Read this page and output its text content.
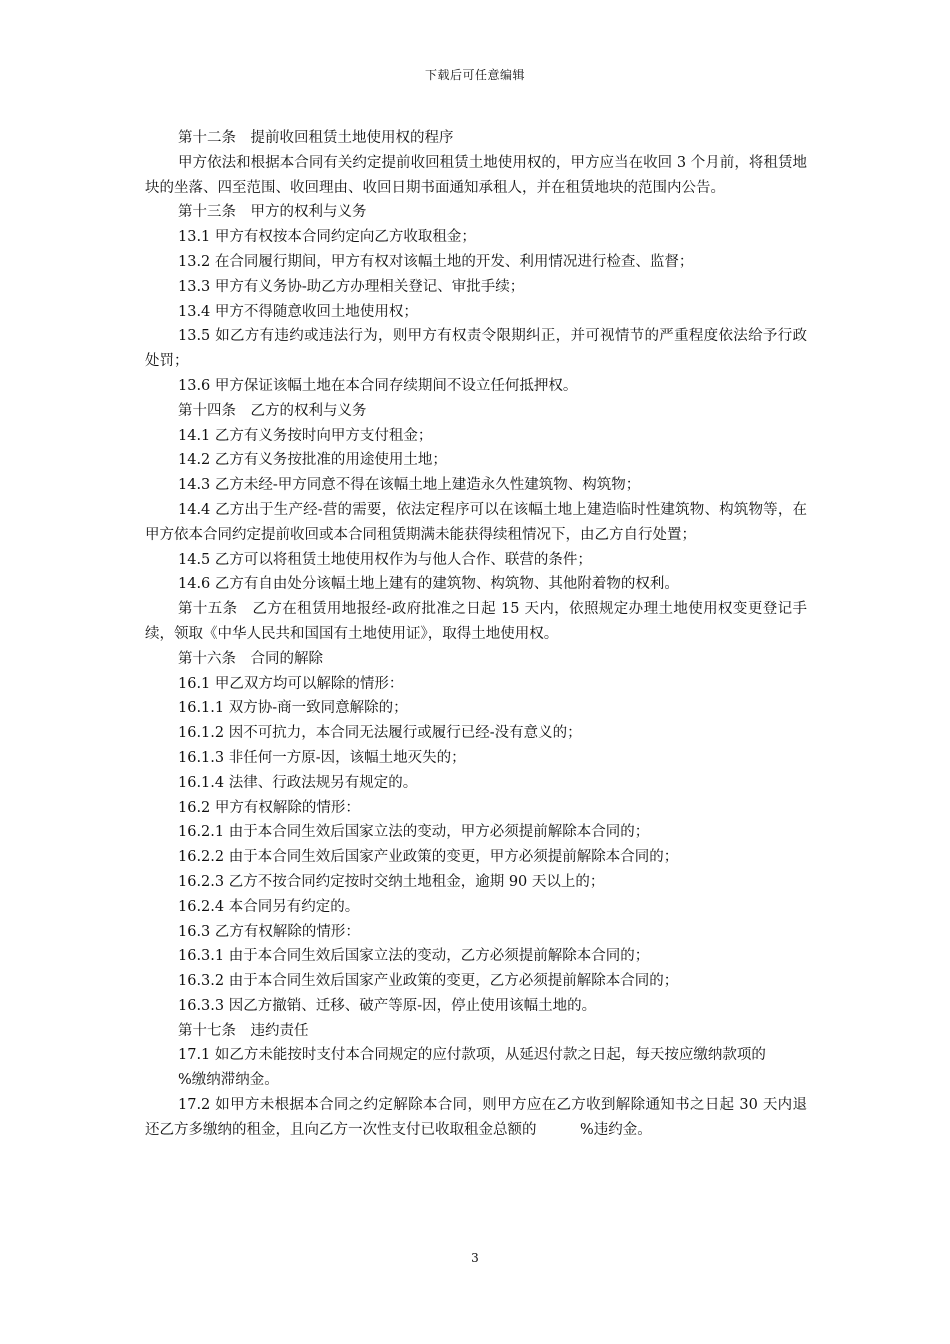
下载后可任意编辑

第十二条　提前收回租赁土地使用权的程序

甲方依法和根据本合同有关约定提前收回租赁土地使用权的，甲方应当在收回 3 个月前，将租赁地块的坐落、四至范围、收回理由、收回日期书面通知承租人，并在租赁地块的范围内公告。

第十三条　甲方的权利与义务

13.1 甲方有权按本合同约定向乙方收取租金；

13.2 在合同履行期间，甲方有权对该幅土地的开发、利用情况进行检查、监督；

13.3 甲方有义务协-助乙方办理相关登记、审批手续；

13.4 甲方不得随意收回土地使用权；

13.5 如乙方有违约或违法行为，则甲方有权责令限期纠正，并可视情节的严重程度依法给予行政处罚；

13.6 甲方保证该幅土地在本合同存续期间不设立任何抵押权。

第十四条　乙方的权利与义务

14.1 乙方有义务按时向甲方支付租金；

14.2 乙方有义务按批准的用途使用土地；

14.3 乙方未经-甲方同意不得在该幅土地上建造永久性建筑物、构筑物；

14.4 乙方出于生产经-营的需要，依法定程序可以在该幅土地上建造临时性建筑物、构筑物等，在甲方依本合同约定提前收回或本合同租赁期满未能获得续租情况下，由乙方自行处置；

14.5 乙方可以将租赁土地使用权作为与他人合作、联营的条件；

14.6 乙方有自由处分该幅土地上建有的建筑物、构筑物、其他附着物的权利。

第十五条　乙方在租赁用地报经-政府批准之日起 15 天内，依照规定办理土地使用权变更登记手续，领取《中华人民共和国国有土地使用证》，取得土地使用权。

第十六条　合同的解除

16.1 甲乙双方均可以解除的情形：

16.1.1 双方协-商一致同意解除的；

16.1.2 因不可抗力，本合同无法履行或履行已经-没有意义的；

16.1.3 非任何一方原-因，该幅土地灭失的；

16.1.4 法律、行政法规另有规定的。

16.2 甲方有权解除的情形：

16.2.1 由于本合同生效后国家立法的变动，甲方必须提前解除本合同的；

16.2.2 由于本合同生效后国家产业政策的变更，甲方必须提前解除本合同的；

16.2.3 乙方不按合同约定按时交纳土地租金，逾期 90 天以上的；

16.2.4 本合同另有约定的。

16.3 乙方有权解除的情形：

16.3.1 由于本合同生效后国家立法的变动，乙方必须提前解除本合同的；

16.3.2 由于本合同生效后国家产业政策的变更，乙方必须提前解除本合同的；

16.3.3 因乙方撤销、迁移、破产等原-因，停止使用该幅土地的。

第十七条　违约责任

17.1 如乙方未能按时支付本合同规定的应付款项，从延迟付款之日起，每天按应缴纳款项的

%缴纳滞纳金。

17.2 如甲方未根据本合同之约定解除本合同，则甲方应在乙方收到解除通知书之日起 30 天内退还乙方多缴纳的租金，且向乙方一次性支付已收取租金总额的　　　%违约金。

3
